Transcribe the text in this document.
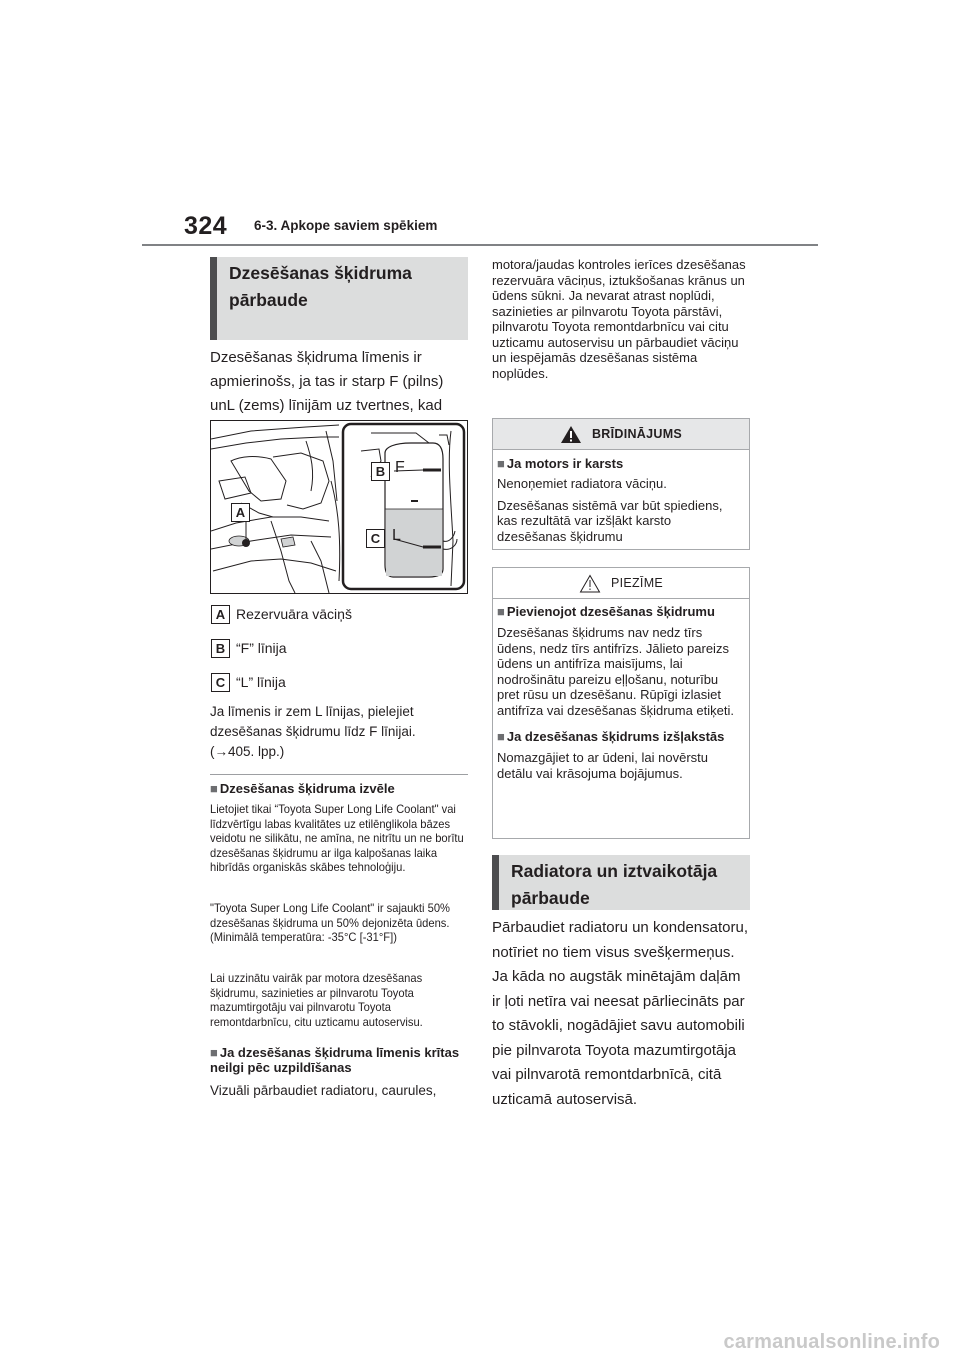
324 6-3. Apkope saviem spēkiem
Dzesēšanas šķidruma pārbaude
Dzesēšanas šķidruma līmenis ir apmierinošs, ja tas ir starp F (pilns) unL (zems) līnijām uz tvertnes, kad
A
B
C
F
L
A Rezervuāra vāciņš
B “F” līnija
C “L” līnija
Ja līmenis ir zem L līnijas, pielejiet dzesēšanas šķidrumu līdz F līnijai.
(→405. lpp.)
■ Dzesēšanas šķidruma izvēle
Lietojiet tikai “Toyota Super Long Life Coolant" vai līdzvērtīgu labas kvalitātes uz etilēnglikola bāzes veidotu ne silikātu, ne amīna, ne nitrītu un ne borītu dzesēšanas šķidrumu ar ilga kalpošanas laika hibrīdās organiskās skābes tehnoloģiju.
"Toyota Super Long Life Coolant" ir sajaukti 50% dzesēšanas šķidruma un 50% dejonizēta ūdens. (Minimālā temperatūra: -35°C [-31°F])
Lai uzzinātu vairāk par motora dzesēšanas šķidrumu, sazinieties ar pilnvarotu Toyota mazumtirgotāju vai pilnvarotu Toyota remontdarbnīcu, citu uzticamu autoservisu.
■ Ja dzesēšanas šķidruma līmenis krītas neilgi pēc uzpildīšanas
Vizuāli pārbaudiet radiatoru, caurules,
motora/jaudas kontroles ierīces dzesēšanas rezervuāra vāciņus, iztukšošanas krānus un ūdens sūkni. Ja nevarat atrast noplūdi, sazinieties ar pilnvarotu Toyota pārstāvi, pilnvarotu Toyota remontdarbnīcu vai citu uzticamu autoservisu un pārbaudiet vāciņu un iespējamās dzesēšanas sistēma noplūdes.
BRĪDINĀJUMS
■ Ja motors ir karsts
Nenoņemiet radiatora vāciņu.
Dzesēšanas sistēmā var būt spiediens, kas rezultātā var izšļākt karsto dzesēšanas šķidrumu
PIEZĪME
■ Pievienojot dzesēšanas šķidrumu
Dzesēšanas šķidrums nav nedz tīrs ūdens, nedz tīrs antifrīzs. Jālieto pareizs ūdens un antifrīza maisījums, lai nodrošinātu pareizu eļļošanu, noturību pret rūsu un dzesēšanu. Rūpīgi izlasiet antifrīza vai dzesēšanas šķidruma etiķeti.
■ Ja dzesēšanas šķidrums izšļakstās
Nomazgājiet to ar ūdeni, lai novērstu detālu vai krāsojuma bojājumus.
Radiatora un iztvaikotāja pārbaude
Pārbaudiet radiatoru un kondensatoru, notīriet no tiem visus svešķermeņus. Ja kāda no augstāk minētajām daļām ir ļoti netīra vai neesat pārliecināts par to stāvokli, nogādājiet savu automobili pie pilnvarota Toyota mazumtirgotāja vai pilnvarotā remontdarbnīcā, citā uzticamā autoservisā.
carmanualsonline.info
